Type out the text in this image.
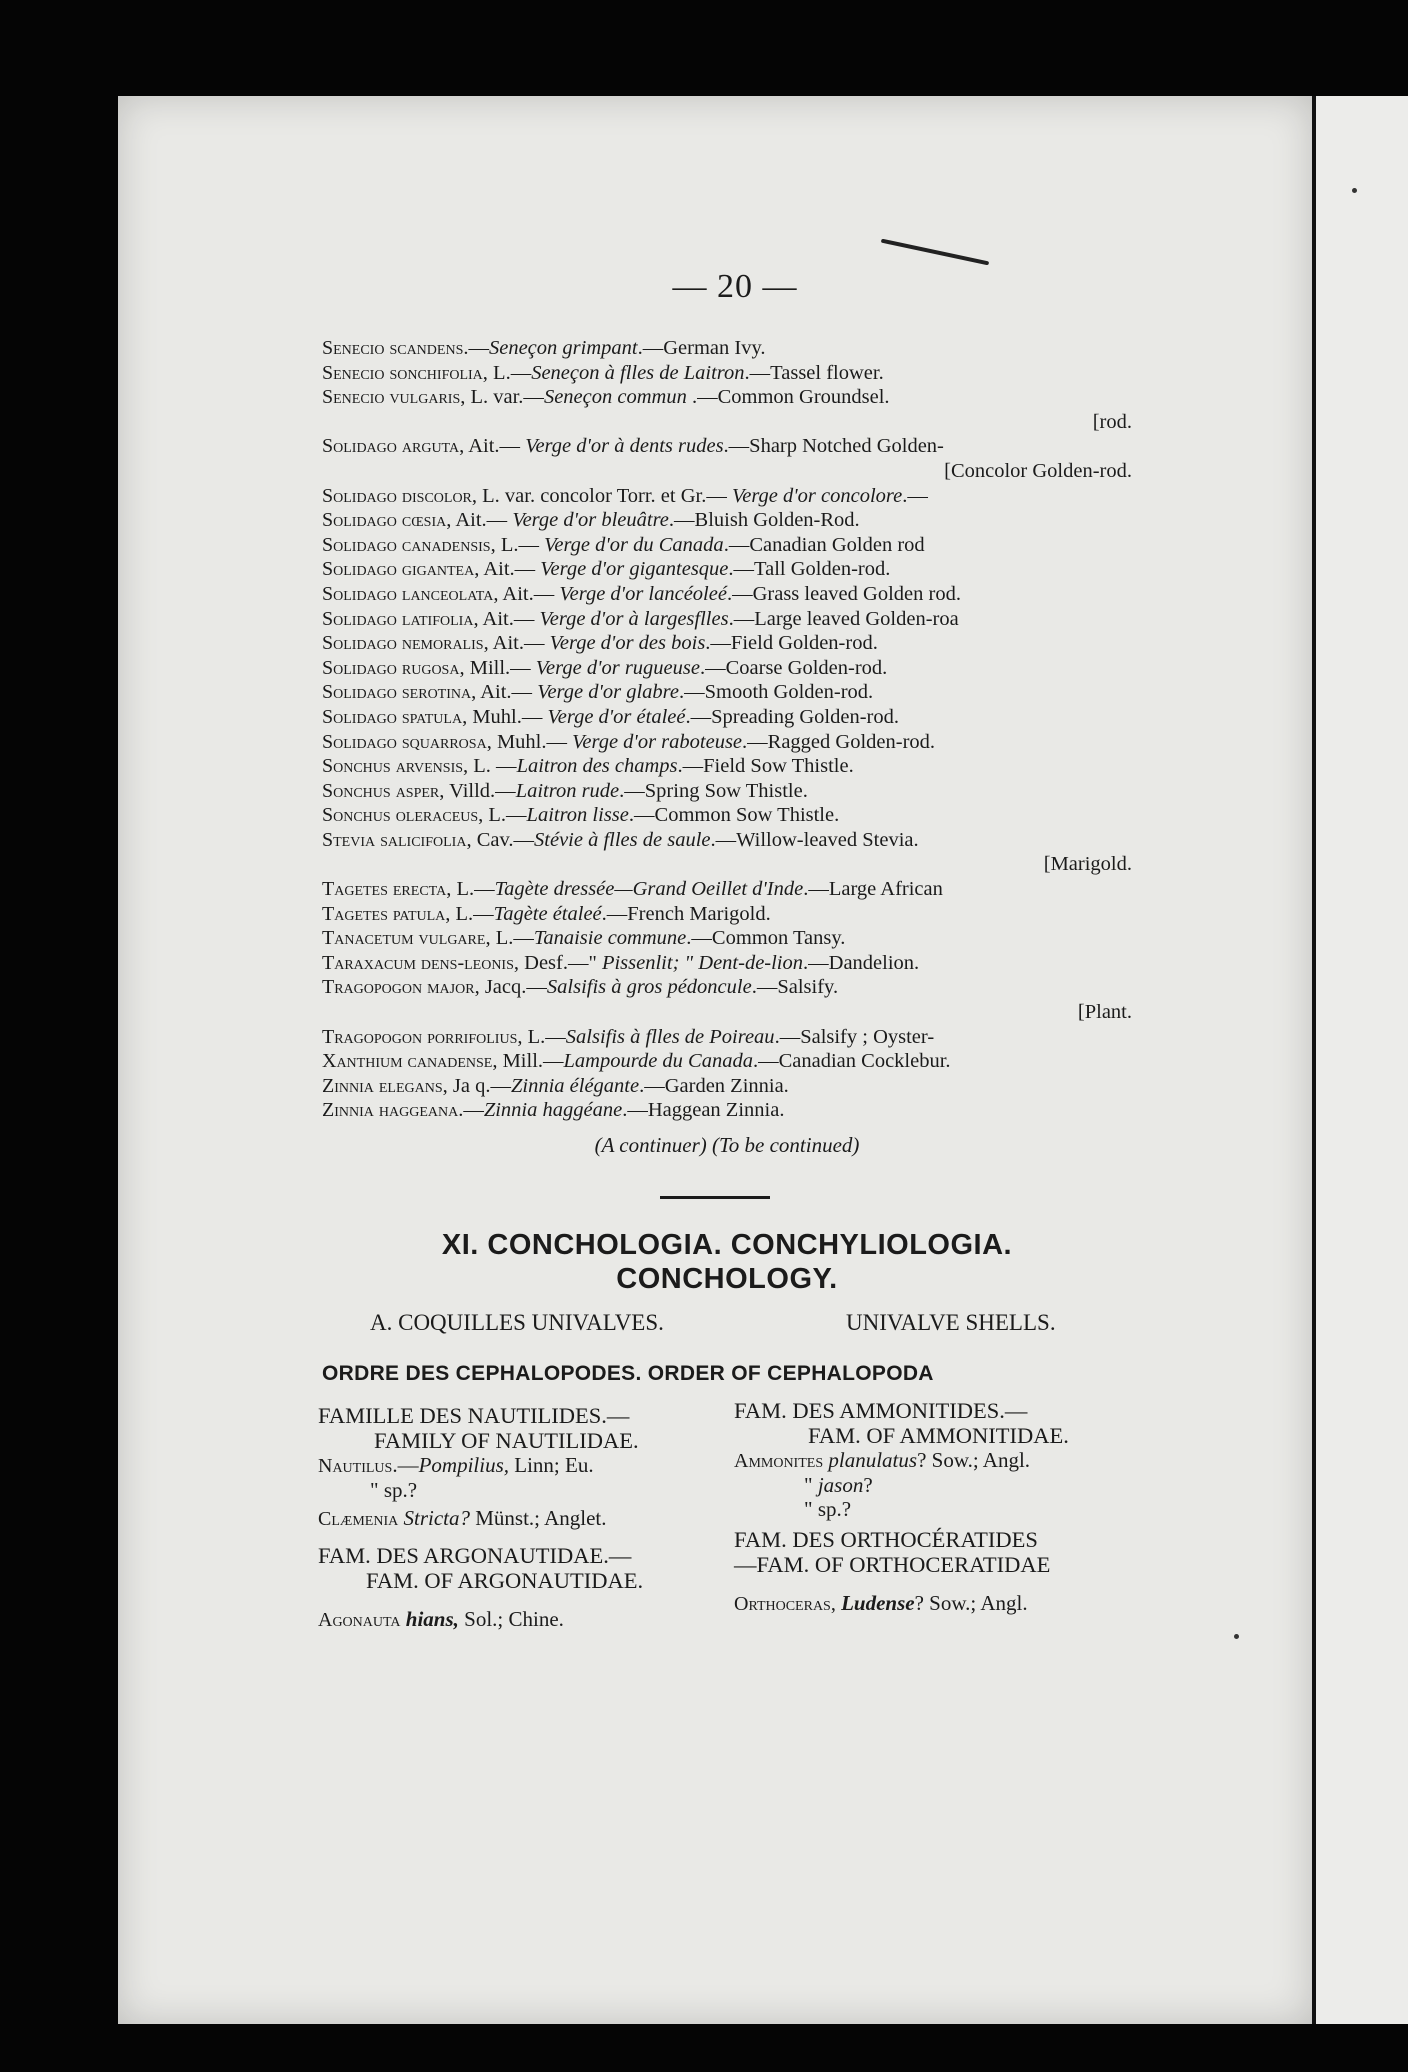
— 20 —
Senecio scandens.—Seneçon grimpant.—German Ivy.
Senecio sonchifolia, L.—Seneçon à flles de Laitron.—Tassel flower.
Senecio vulgaris, L. var.—Seneçon commun .—Common Groundsel.
[rod.
Solidago arguta, Ait.— Verge d'or à dents rudes.—Sharp Notched Golden-
[Concolor Golden-rod.
Solidago discolor, L. var. concolor Torr. et Gr.— Verge d'or concolore.—
Solidago cœsia, Ait.— Verge d'or bleuâtre.—Bluish Golden-Rod.
Solidago canadensis, L.— Verge d'or du Canada.—Canadian Golden rod
Solidago gigantea, Ait.— Verge d'or gigantesque.—Tall Golden-rod.
Solidago lanceolata, Ait.— Verge d'or lancéoleé.—Grass leaved Golden rod.
Solidago latifolia, Ait.— Verge d'or à largesflles.—Large leaved Golden-roa
Solidago nemoralis, Ait.— Verge d'or des bois.—Field Golden-rod.
Solidago rugosa, Mill.— Verge d'or rugueuse.—Coarse Golden-rod.
Solidago serotina, Ait.— Verge d'or glabre.—Smooth Golden-rod.
Solidago spatula, Muhl.— Verge d'or étaleé.—Spreading Golden-rod.
Solidago squarrosa, Muhl.— Verge d'or raboteuse.—Ragged Golden-rod.
Sonchus arvensis, L. —Laitron des champs.—Field Sow Thistle.
Sonchus asper, Villd.—Laitron rude.—Spring Sow Thistle.
Sonchus oleraceus, L.—Laitron lisse.—Common Sow Thistle.
Stevia salicifolia, Cav.—Stévie à flles de saule.—Willow-leaved Stevia.
[Marigold.
Tagetes erecta, L.—Tagète dressée—Grand Oeillet d'Inde.—Large African
Tagetes patula, L.—Tagète étaleé.—French Marigold.
Tanacetum vulgare, L.—Tanaisie commune.—Common Tansy.
Taraxacum dens-leonis, Desf.—" Pissenlit; " Dent-de-lion.—Dandelion.
Tragopogon major, Jacq.—Salsifis à gros pédoncule.—Salsify.
[Plant.
Tragopogon porrifolius, L.—Salsifis à flles de Poireau.—Salsify ; Oyster-
Xanthium canadense, Mill.—Lampourde du Canada.—Canadian Cocklebur.
Zinnia elegans, Ja q.—Zinnia élégante.—Garden Zinnia.
Zinnia haggeana.—Zinnia haggéane.—Haggean Zinnia.
(A continuer) (To be continued)
XI. CONCHOLOGIA. CONCHYLIOLOGIA.
CONCHOLOGY.
A. COQUILLES UNIVALVES.	UNIVALVE SHELLS.
ORDRE DES CEPHALOPODES. ORDER OF CEPHALOPODA
FAMILLE DES NAUTILIDES.—
FAMILY OF NAUTILIDAE.
Nautilus.—Pompilius, Linn; Eu.
" sp.?
Clæmenia Stricta? Münst.; Anglet.
FAM. DES ARGONAUTIDAE.—
FAM. OF ARGONAUTIDAE.
Agonauta hians, Sol.; Chine.
FAM. DES AMMONITIDES.—
FAM. OF AMMONITIDAE.
Ammonites planulatus? Sow.; Angl.
" jason?
" sp.?
FAM. DES ORTHOCÉRATIDES
—FAM. OF ORTHOCERATIDAE
Orthoceras, Ludense? Sow.; Angl.
